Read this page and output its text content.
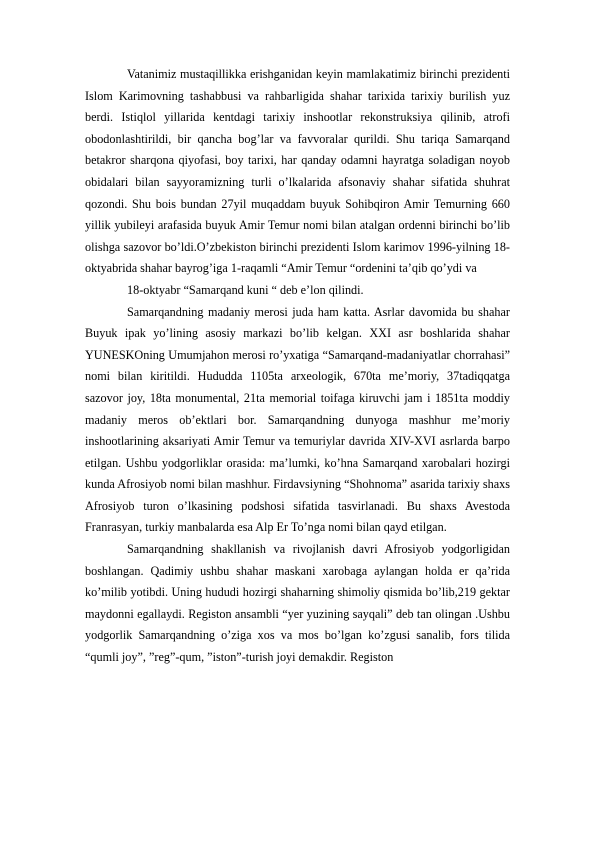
Vatanimiz mustaqillikka erishganidan keyin mamlakatimiz birinchi prezidenti Islom Karimovning tashabbusi va rahbarligida shahar tarixida tarixiy burilish yuz berdi. Istiqlol yillarida kentdagi tarixiy inshootlar rekonstruksiya qilinib, atrofi obodonlashtirildi, bir qancha bog’lar va favvoralar qurildi. Shu tariqa Samarqand betakror sharqona qiyofasi, boy tarixi, har qanday odamni hayratga soladigan noyob obidalari bilan sayyoramizning turli o’lkalarida afsonaviy shahar sifatida shuhrat qozondi. Shu bois bundan 27yil muqaddam buyuk Sohibqiron Amir Temurning 660 yillik yubileyi arafasida buyuk Amir Temur nomi bilan atalgan ordenni birinchi bo’lib olishga sazovor bo’ldi.O’zbekiston birinchi prezidenti Islom karimov 1996-yilning 18-oktyabrida shahar bayrog’iga 1-raqamli “Amir Temur “ordenini ta’qib qo’ydi va

18-oktyabr “Samarqand kuni “ deb e’lon qilindi.

Samarqandning madaniy merosi juda ham katta. Asrlar davomida bu shahar Buyuk ipak yo’lining asosiy markazi bo’lib kelgan. XXI asr boshlarida shahar YUNESKOning Umumjahon merosi ro’yxatiga “Samarqand-madaniyatlar chorrahasi” nomi bilan kiritildi. Hududda 1105ta arxeologik, 670ta me’moriy, 37tadiqqatga sazovor joy, 18ta monumental, 21ta memorial toifaga kiruvchi jam i 1851ta moddiy madaniy meros ob’ektlari bor. Samarqandning dunyoga mashhur me’moriy inshootlarining aksariyati Amir Temur va temuriylar davrida XIV-XVI asrlarda barpo etilgan. Ushbu yodgorliklar orasida: ma’lumki, ko’hna Samarqand xarobalari hozirgi kunda Afrosiyob nomi bilan mashhur. Firdavsiyning “Shohnoma” asarida tarixiy shaxs Afrosiyob turon o’lkasining podshosi sifatida tasvirlanadi. Bu shaxs Avestoda Franrasyan, turkiy manbalarda esa Alp Er To’nga nomi bilan qayd etilgan.

Samarqandning shakllanish va rivojlanish davri Afrosiyob yodgorligidan boshlangan. Qadimiy ushbu shahar maskani xarobaga aylangan holda er qa’rida ko’milib yotibdi. Uning hududi hozirgi shaharning shimoliy qismida bo’lib,219 gektar maydonni egallaydi. Registon ansambli “yer yuzining sayqali” deb tan olingan .Ushbu yodgorlik Samarqandning o’ziga xos va mos bo’lgan ko’zgusi sanalib, fors tilida “qumli joy”, ”reg”-qum, ”iston”-turish joyi demakdir. Registon
